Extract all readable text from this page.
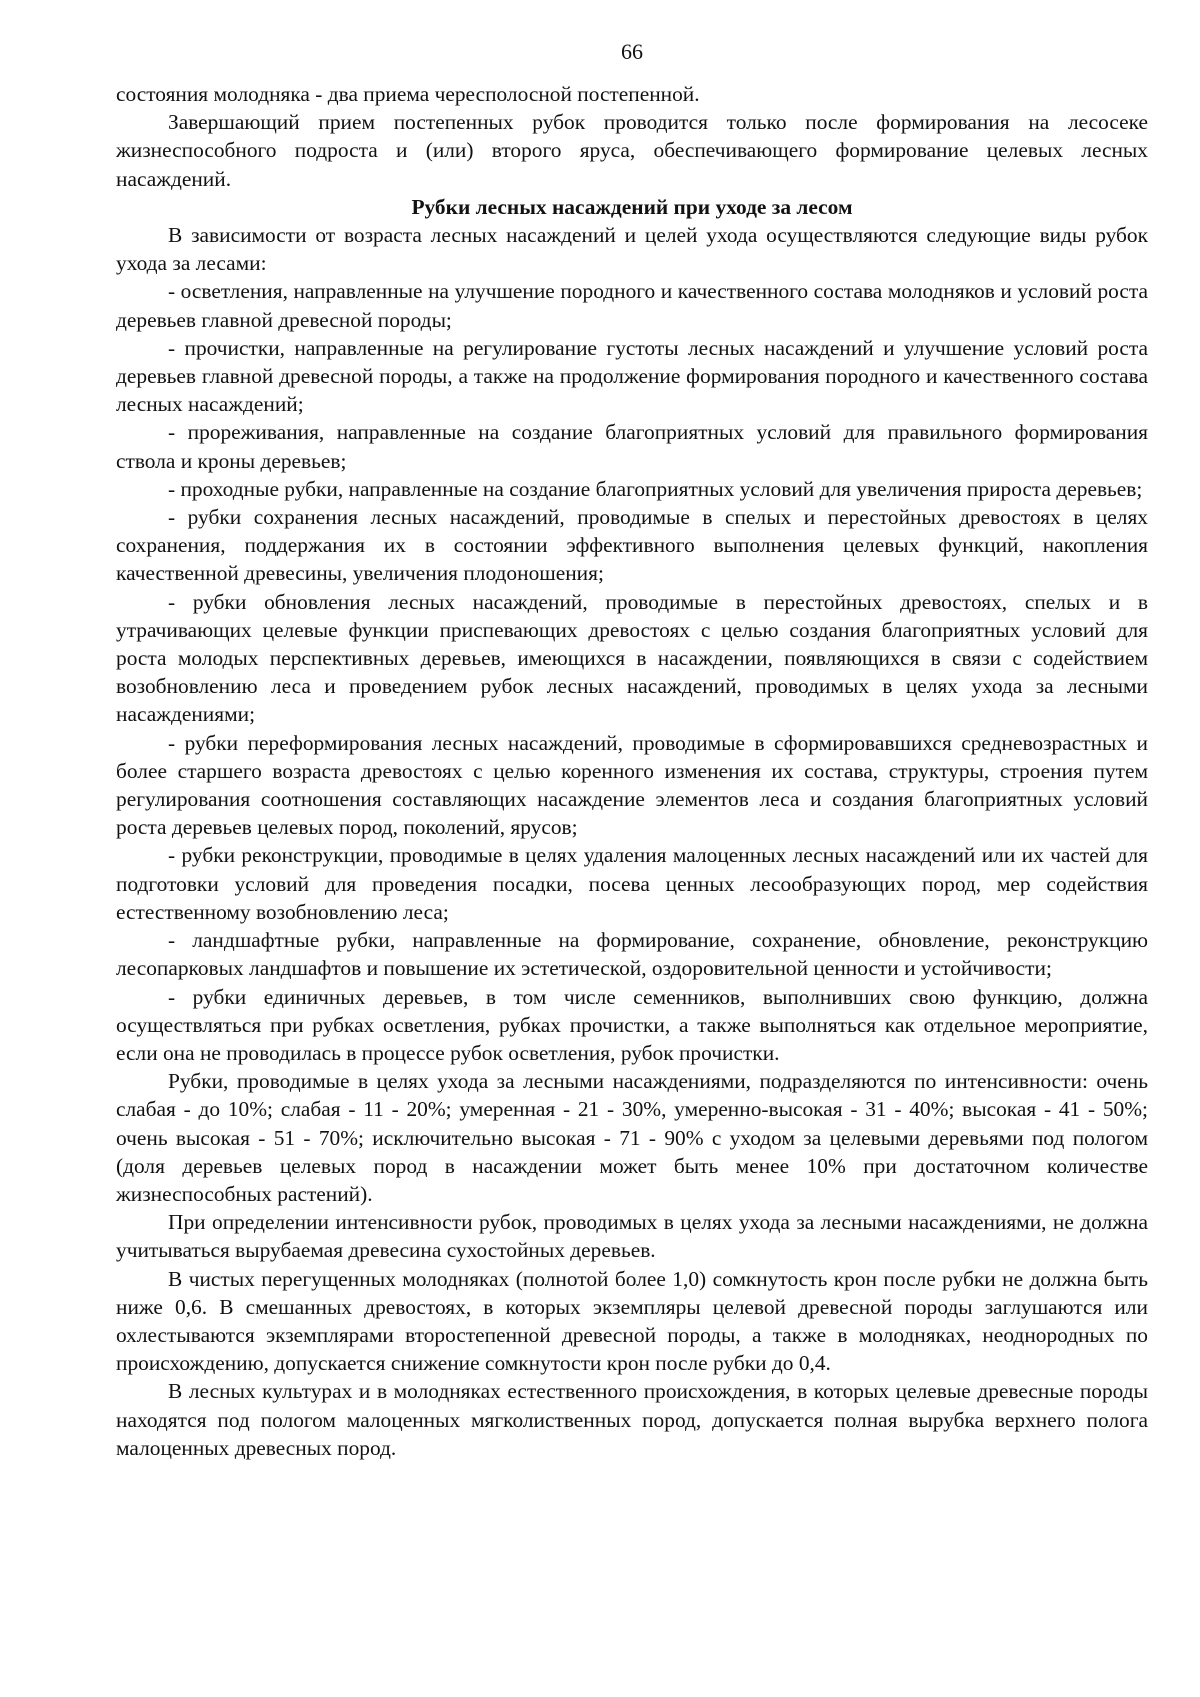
66

состояния молодняка - два приема чересполосной постепенной.

Завершающий прием постепенных рубок проводится только после формирования на лесосеке жизнеспособного подроста и (или) второго яруса, обеспечивающего формирование целевых лесных насаждений.

Рубки лесных насаждений при уходе за лесом

В зависимости от возраста лесных насаждений и целей ухода осуществляются следующие виды рубок ухода за лесами:

- осветления, направленные на улучшение породного и качественного состава молодняков и условий роста деревьев главной древесной породы;

- прочистки, направленные на регулирование густоты лесных насаждений и улучшение условий роста деревьев главной древесной породы, а также на продолжение формирования породного и качественного состава лесных насаждений;

- прореживания, направленные на создание благоприятных условий для правильного формирования ствола и кроны деревьев;

- проходные рубки, направленные на создание благоприятных условий для увеличения прироста деревьев;

- рубки сохранения лесных насаждений, проводимые в спелых и перестойных древостоях в целях сохранения, поддержания их в состоянии эффективного выполнения целевых функций, накопления качественной древесины, увеличения плодоношения;

- рубки обновления лесных насаждений, проводимые в перестойных древостоях, спелых и в утрачивающих целевые функции приспевающих древостоях с целью создания благоприятных условий для роста молодых перспективных деревьев, имеющихся в насаждении, появляющихся в связи с содействием возобновлению леса и проведением рубок лесных насаждений, проводимых в целях ухода за лесными насаждениями;

- рубки переформирования лесных насаждений, проводимые в сформировавшихся средневозрастных и более старшего возраста древостоях с целью коренного изменения их состава, структуры, строения путем регулирования соотношения составляющих насаждение элементов леса и создания благоприятных условий роста деревьев целевых пород, поколений, ярусов;

- рубки реконструкции, проводимые в целях удаления малоценных лесных насаждений или их частей для подготовки условий для проведения посадки, посева ценных лесообразующих пород, мер содействия естественному возобновлению леса;

- ландшафтные рубки, направленные на формирование, сохранение, обновление, реконструкцию лесопарковых ландшафтов и повышение их эстетической, оздоровительной ценности и устойчивости;

- рубки единичных деревьев, в том числе семенников, выполнивших свою функцию, должна осуществляться при рубках осветления, рубках прочистки, а также выполняться как отдельное мероприятие, если она не проводилась в процессе рубок осветления, рубок прочистки.

Рубки, проводимые в целях ухода за лесными насаждениями, подразделяются по интенсивности: очень слабая - до 10%; слабая - 11 - 20%; умеренная - 21 - 30%, умеренно-высокая - 31 - 40%; высокая - 41 - 50%; очень высокая - 51 - 70%; исключительно высокая - 71 - 90% с уходом за целевыми деревьями под пологом (доля деревьев целевых пород в насаждении может быть менее 10% при достаточном количестве жизнеспособных растений).

При определении интенсивности рубок, проводимых в целях ухода за лесными насаждениями, не должна учитываться вырубаемая древесина сухостойных деревьев.

В чистых перегущенных молодняках (полнотой более 1,0) сомкнутость крон после рубки не должна быть ниже 0,6. В смешанных древостоях, в которых экземпляры целевой древесной породы заглушаются или охлестываются экземплярами второстепенной древесной породы, а также в молодняках, неоднородных по происхождению, допускается снижение сомкнутости крон после рубки до 0,4.

В лесных культурах и в молодняках естественного происхождения, в которых целевые древесные породы находятся под пологом малоценных мягколиственных пород, допускается полная вырубка верхнего полога малоценных древесных пород.
